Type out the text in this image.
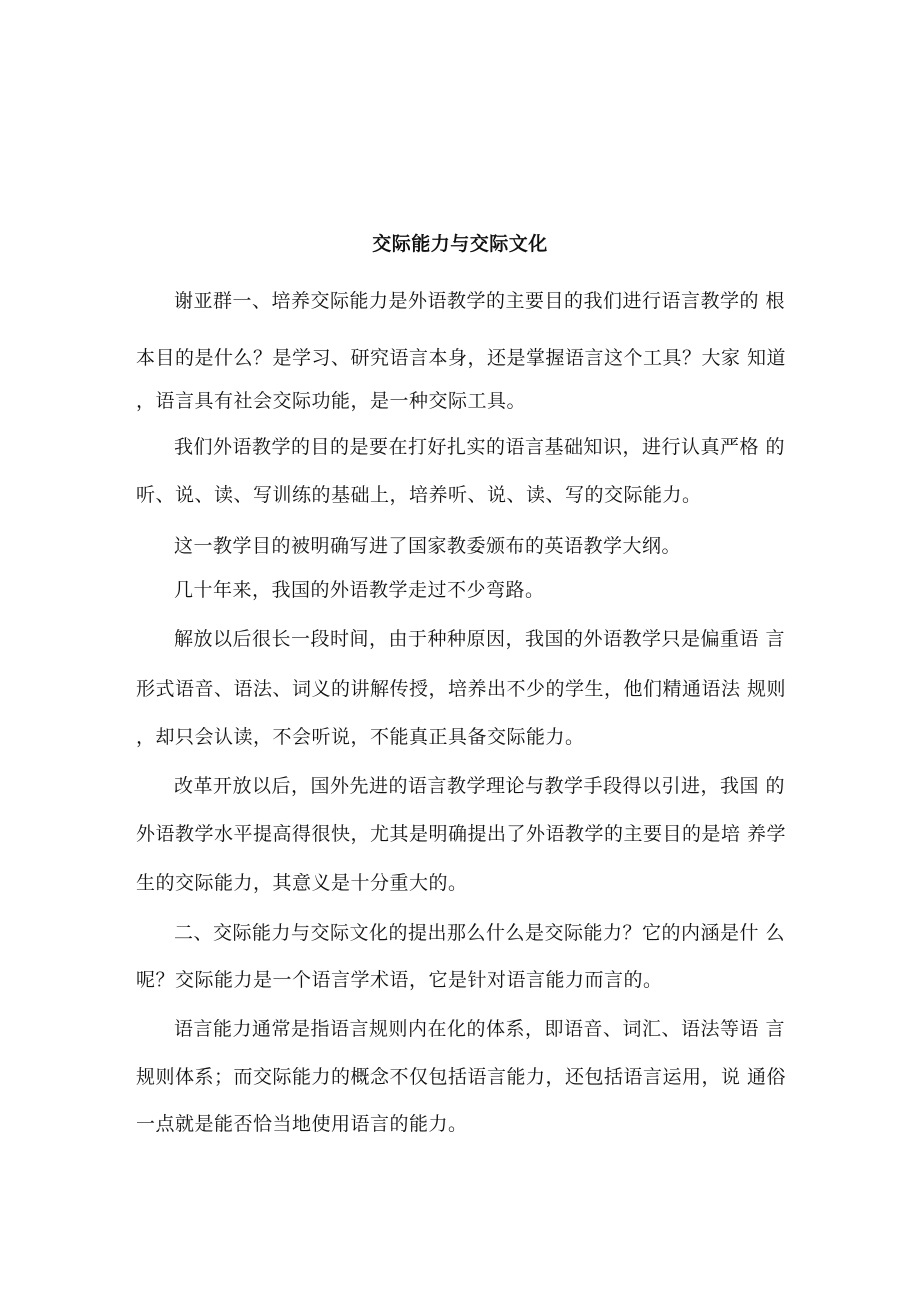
交际能力与交际文化

谢亚群一、培养交际能力是外语教学的主要目的我们进行语言教学的 根

本目的是什么？是学习、研究语言本身，还是掌握语言这个工具？大家 知道

，语言具有社会交际功能，是一种交际工具。

我们外语教学的目的是要在打好扎实的语言基础知识，进行认真严格 的

听、说、读、写训练的基础上，培养听、说、读、写的交际能力。

这一教学目的被明确写进了国家教委颁布的英语教学大纲。

几十年来，我国的外语教学走过不少弯路。

解放以后很长一段时间，由于种种原因，我国的外语教学只是偏重语 言

形式语音、语法、词义的讲解传授，培养出不少的学生，他们精通语法 规则

，却只会认读，不会听说，不能真正具备交际能力。

改革开放以后，国外先进的语言教学理论与教学手段得以引进，我国 的

外语教学水平提高得很快，尤其是明确提出了外语教学的主要目的是培 养学

生的交际能力，其意义是十分重大的。

二、交际能力与交际文化的提出那么什么是交际能力？它的内涵是什 么

呢？交际能力是一个语言学术语，它是针对语言能力而言的。

语言能力通常是指语言规则内在化的体系，即语音、词汇、语法等语 言

规则体系；而交际能力的概念不仅包括语言能力，还包括语言运用，说 通俗

一点就是能否恰当地使用语言的能力。
